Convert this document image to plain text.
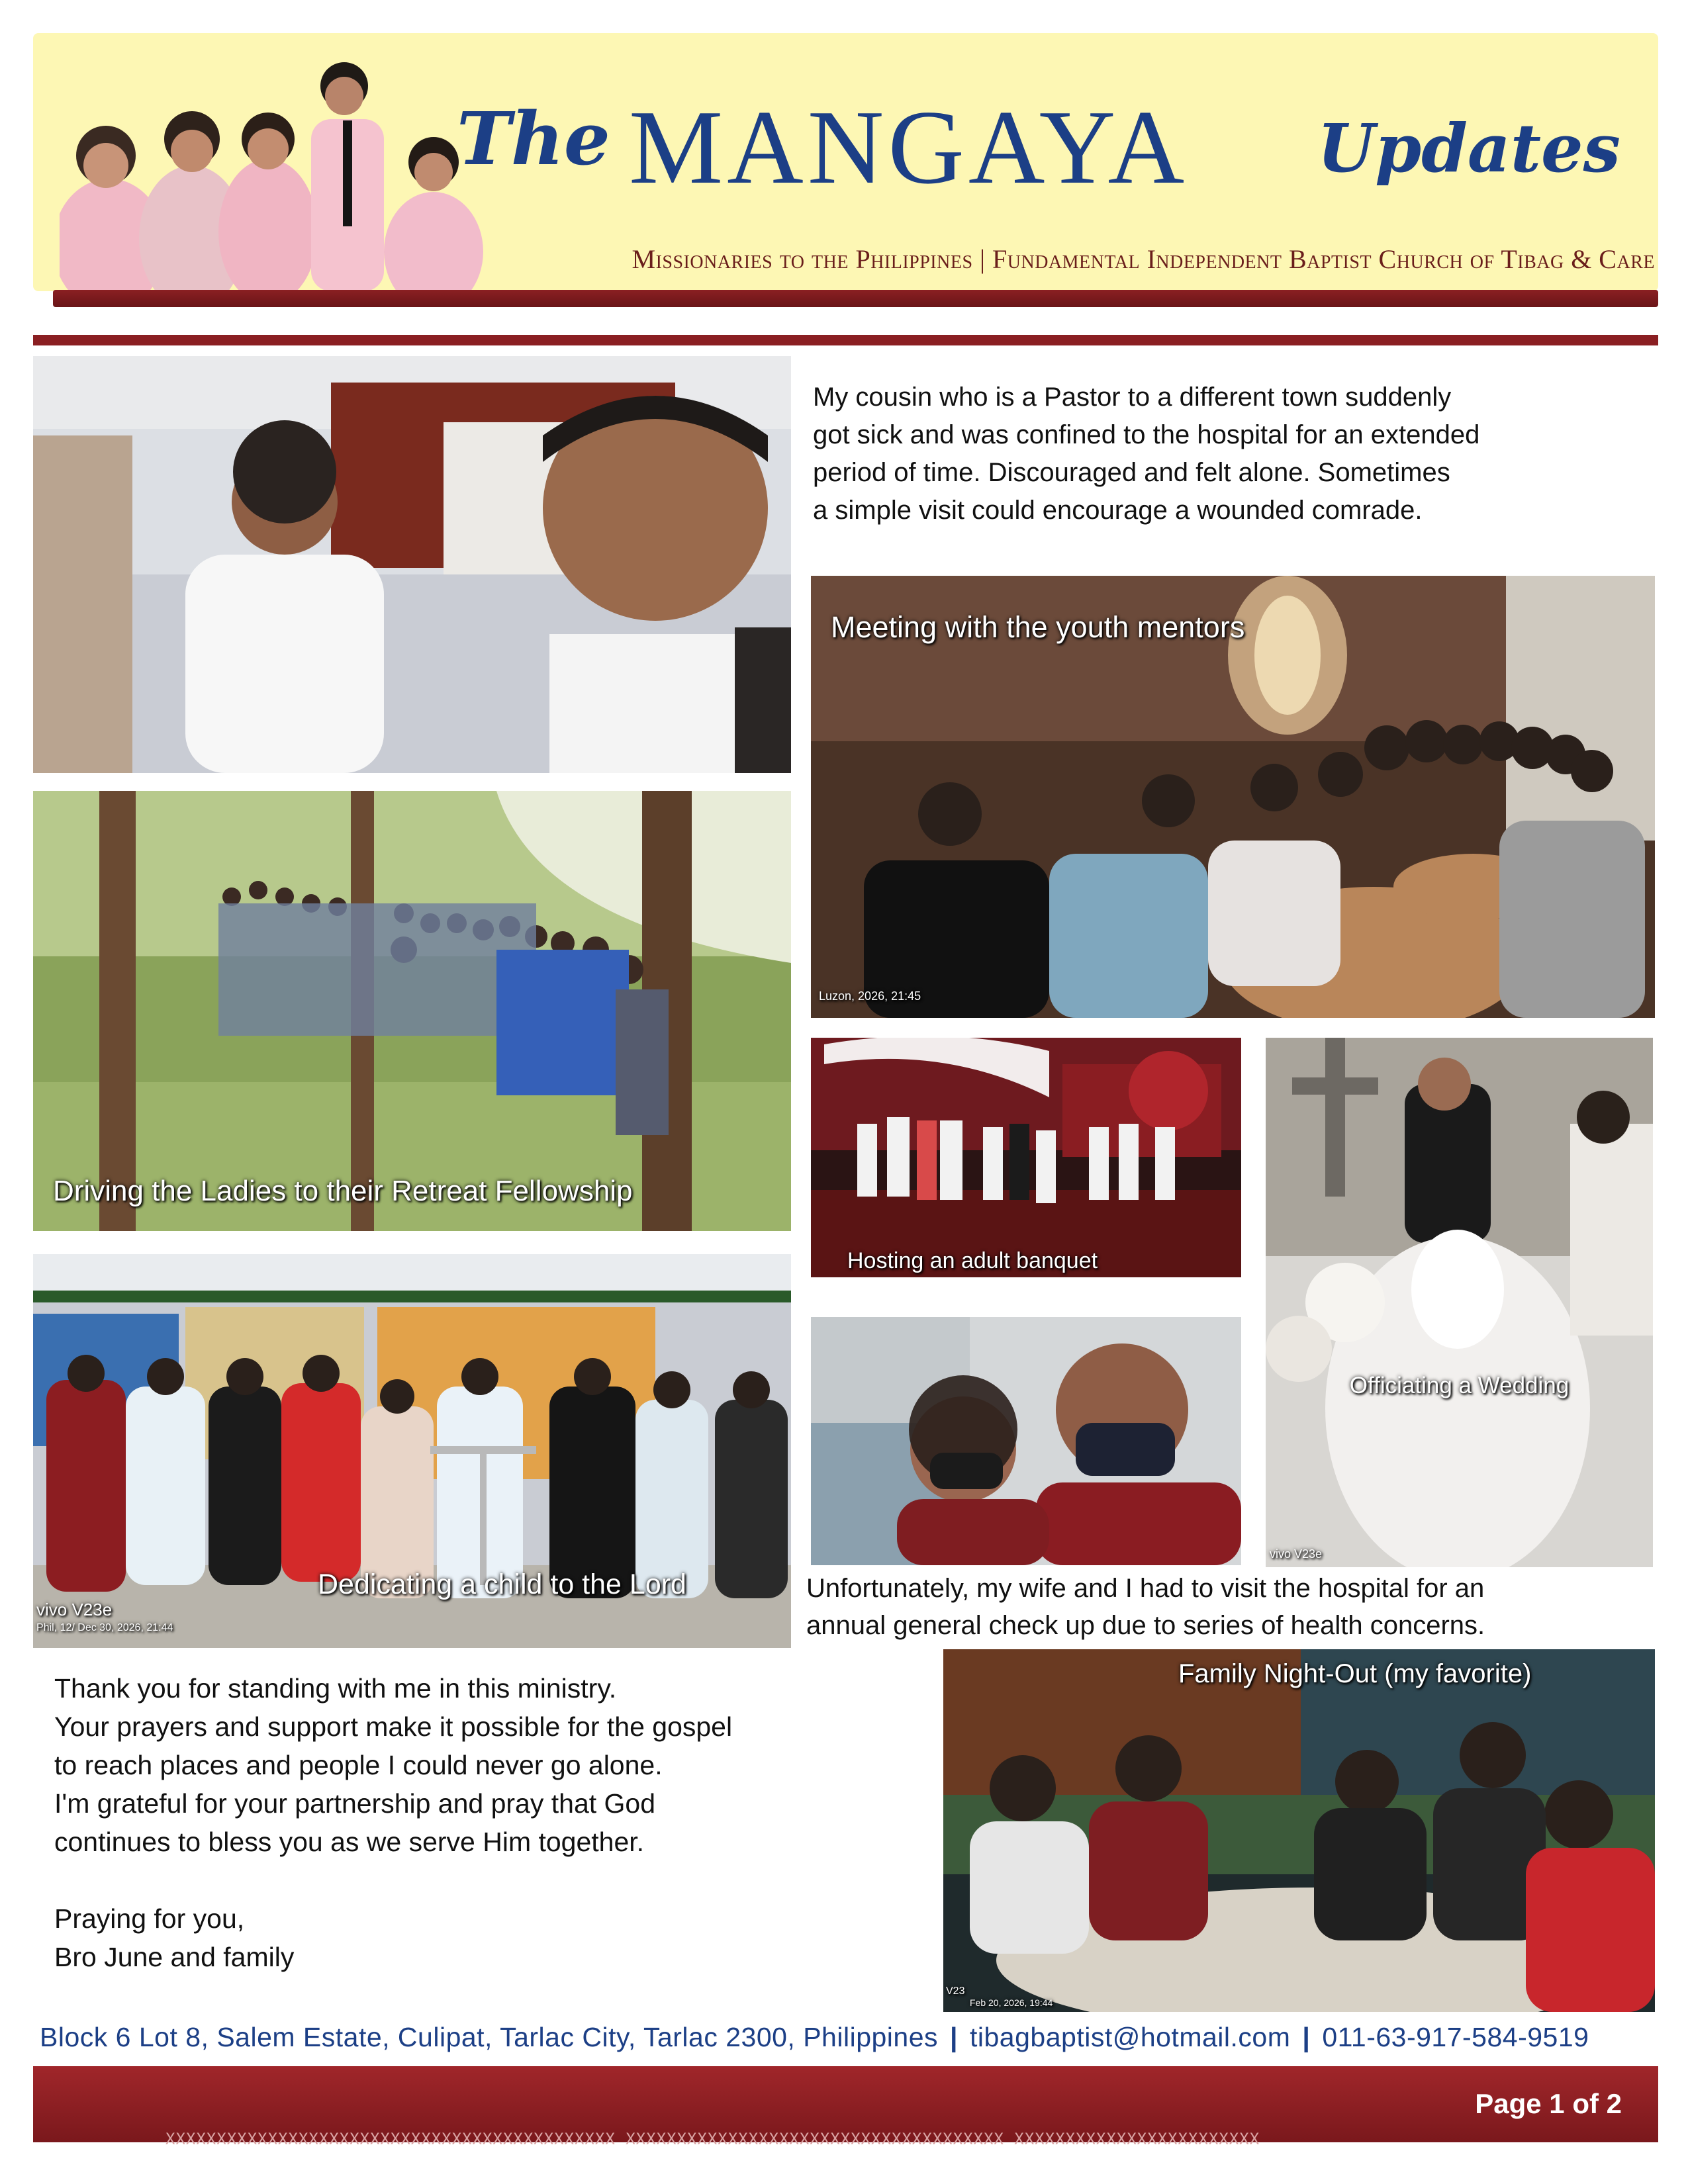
The MANGAYA Updates
Missionaries to the Philippines | Fundamental Independent Baptist Church of Tibag & Care

My cousin who is a Pastor to a different town suddenly

got sick and was confined to the hospital for an extended

period of time. Discouraged and felt alone. Sometimes

a simple visit could encourage a wounded comrade.

Meeting with the youth mentors
Luzon, 2026, 21:45
Driving the Ladies to their Retreat Fellowship
Hosting an adult banquet
Officiating a Wedding
vivo V23e
Dedicating a child to the Lord
vivo V23e
Phil, 12/ Dec 30, 2026, 21:44

Unfortunately, my wife and I had to visit the hospital for an

annual general check up due to series of health concerns.

Thank you for standing with me in this ministry.

Your prayers and support make it possible for the gospel

to reach places and people I could never go alone.

I'm grateful for your partnership and pray that God

continues to bless you as we serve Him together.

Praying for you,

Bro June and family

Family Night-Out (my favorite)
V23
Feb 20, 2026, 19:44
Block 6 Lot 8, Salem Estate, Culipat, Tarlac City, Tarlac 2300, Philippines | tibagbaptist@hotmail.com | 011-63-917-584-9519
Page 1 of 2
XXXXXXXXXXXXXXXXXXXXXXXXXXXXXXXXXXXXXXXXXXXX XXXXXXXXXXXXXXXXXXXXXXXXXXXXXXXXXXXXX XXXXXXXXXXXXXXXXXXXXXXXX
